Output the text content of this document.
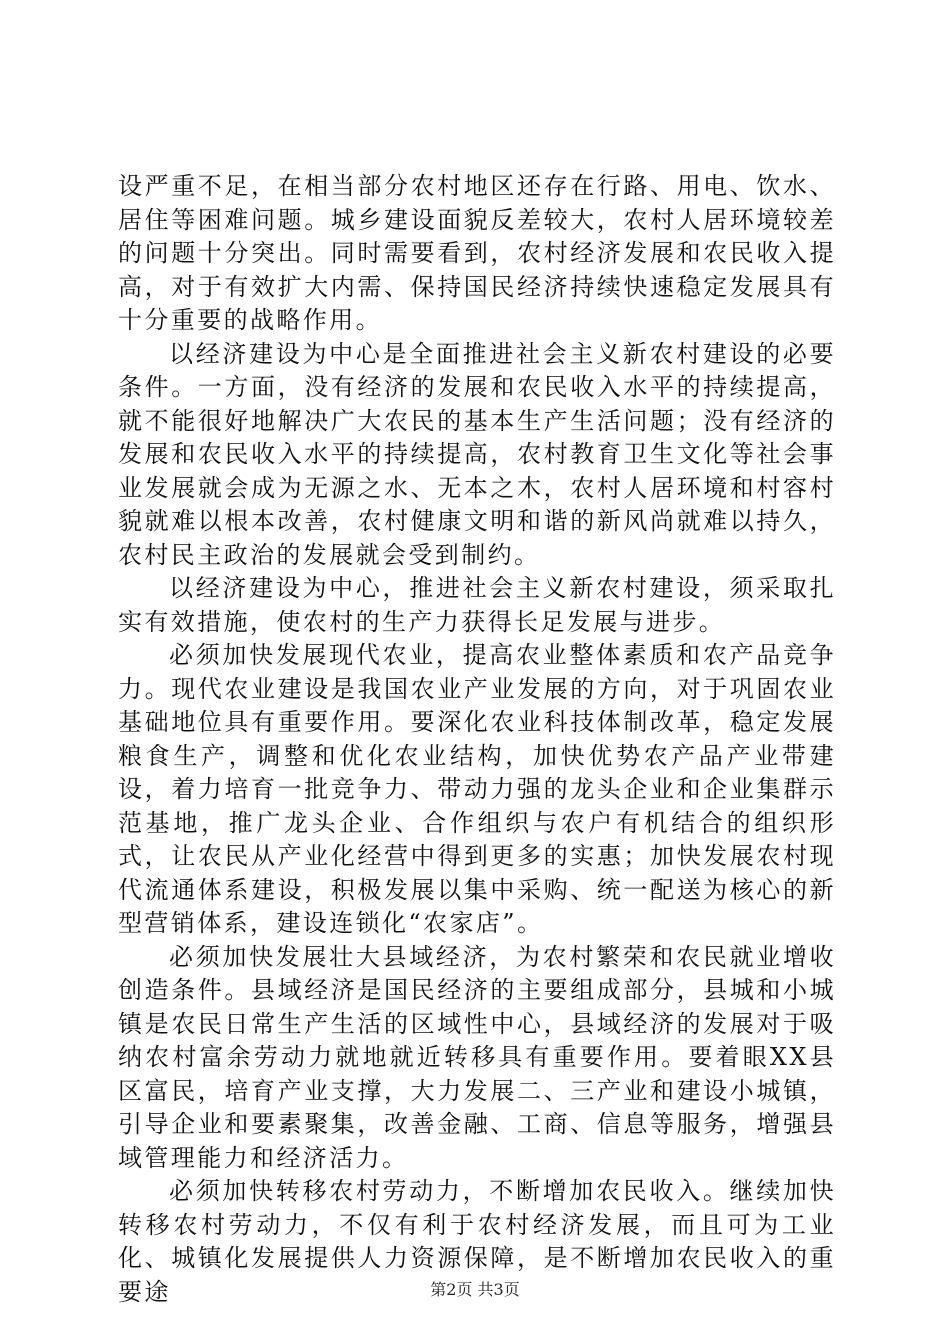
设严重不足，在相当部分农村地区还存在行路、用电、饮水、居住等困难问题。城乡建设面貌反差较大，农村人居环境较差的问题十分突出。同时需要看到，农村经济发展和农民收入提高，对于有效扩大内需、保持国民经济持续快速稳定发展具有十分重要的战略作用。

以经济建设为中心是全面推进社会主义新农村建设的必要条件。一方面，没有经济的发展和农民收入水平的持续提高，就不能很好地解决广大农民的基本生产生活问题；没有经济的发展和农民收入水平的持续提高，农村教育卫生文化等社会事业发展就会成为无源之水、无本之木，农村人居环境和村容村貌就难以根本改善，农村健康文明和谐的新风尚就难以持久，农村民主政治的发展就会受到制约。

以经济建设为中心，推进社会主义新农村建设，须采取扎实有效措施，使农村的生产力获得长足发展与进步。

必须加快发展现代农业，提高农业整体素质和农产品竞争力。现代农业建设是我国农业产业发展的方向，对于巩固农业基础地位具有重要作用。要深化农业科技体制改革，稳定发展粮食生产，调整和优化农业结构，加快优势农产品产业带建设，着力培育一批竞争力、带动力强的龙头企业和企业集群示范基地，推广龙头企业、合作组织与农户有机结合的组织形式，让农民从产业化经营中得到更多的实惠；加快发展农村现代流通体系建设，积极发展以集中采购、统一配送为核心的新型营销体系，建设连锁化“农家店”。

必须加快发展壮大县域经济，为农村繁荣和农民就业增收创造条件。县域经济是国民经济的主要组成部分，县城和小城镇是农民日常生产生活的区域性中心，县域经济的发展对于吸纳农村富余劳动力就地就近转移具有重要作用。要着眼XX县区富民，培育产业支撑，大力发展二、三产业和建设小城镇，引导企业和要素聚集，改善金融、工商、信息等服务，增强县域管理能力和经济活力。

必须加快转移农村劳动力，不断增加农民收入。继续加快转移农村劳动力，不仅有利于农村经济发展，而且可为工业化、城镇化发展提供人力资源保障，是不断增加农民收入的重要途	第2页 共3页
